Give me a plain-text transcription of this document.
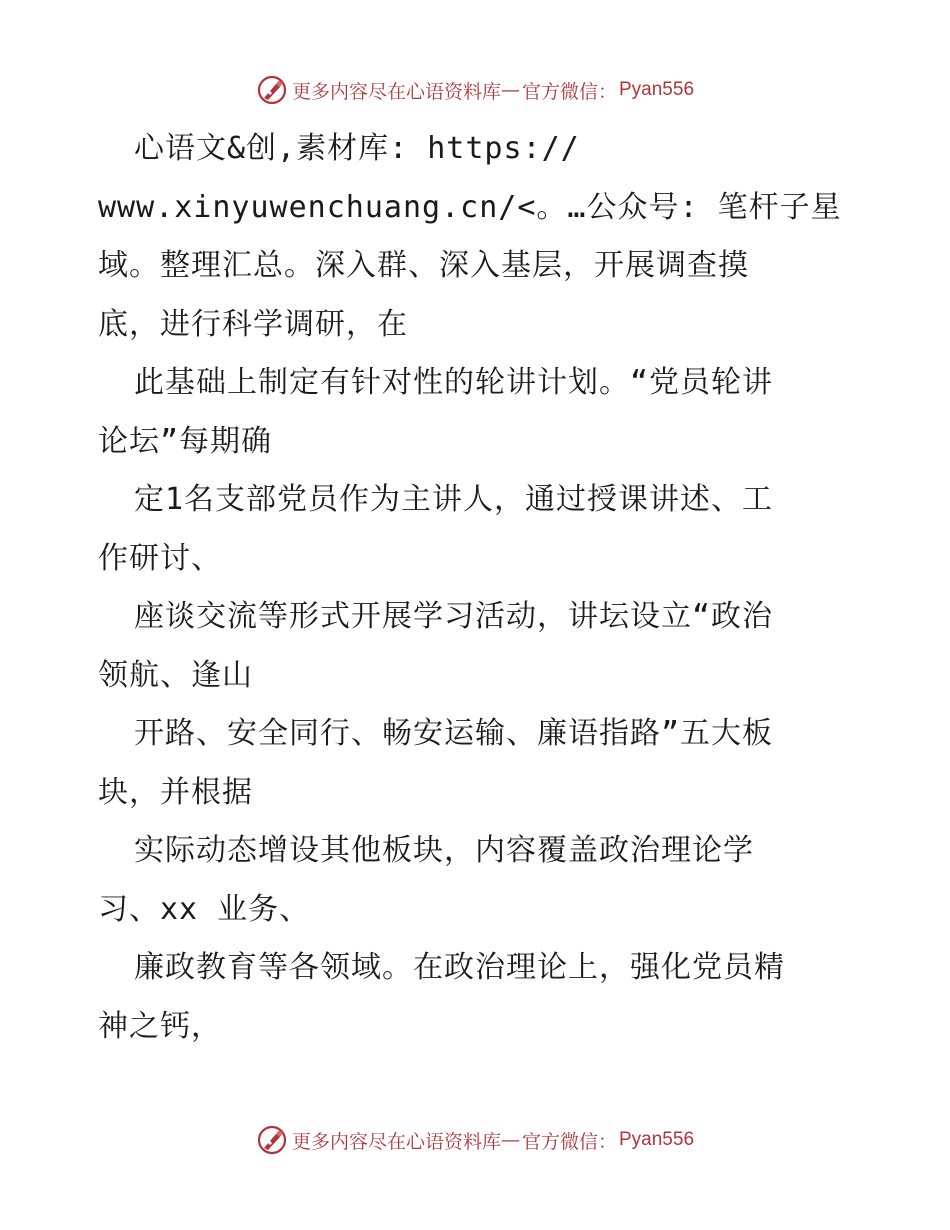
更多内容尽在心语资料库 — 官方微信： Pyan556
心语文&创,素材库: https://
www.xinyuwenchuang.cn/<。…公众号: 笔杆子星
域。整理汇总。深入群、深入基层，开展调查摸
底，进行科学调研，在
此基础上制定有针对性的轮讲计划。“党员轮讲
论坛”每期确
定1名支部党员作为主讲人，通过授课讲述、工
作研讨、
座谈交流等形式开展学习活动，讲坛设立“政治
领航、逢山
开路、安全同行、畅安运输、廉语指路”五大板
块，并根据
实际动态增设其他板块，内容覆盖政治理论学
习、xx 业务、
廉政教育等各领域。在政治理论上，强化党员精
神之钙，
更多内容尽在心语资料库 — 官方微信： Pyan556
